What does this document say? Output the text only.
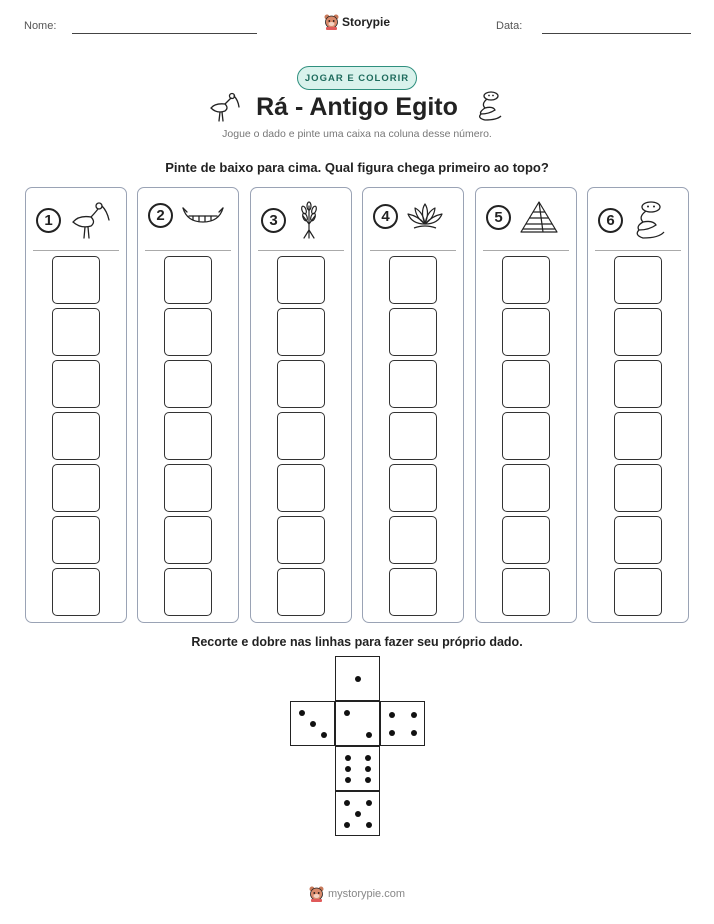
Nome:	Storypie	Data:
JOGAR E COLORIR
Rá - Antigo Egito
Jogue o dado e pinte uma caixa na coluna desse número.
Pinte de baixo para cima. Qual figura chega primeiro ao topo?
1	2	3	4	5	6
Recorte e dobre nas linhas para fazer seu próprio dado.
mystorypie.com
